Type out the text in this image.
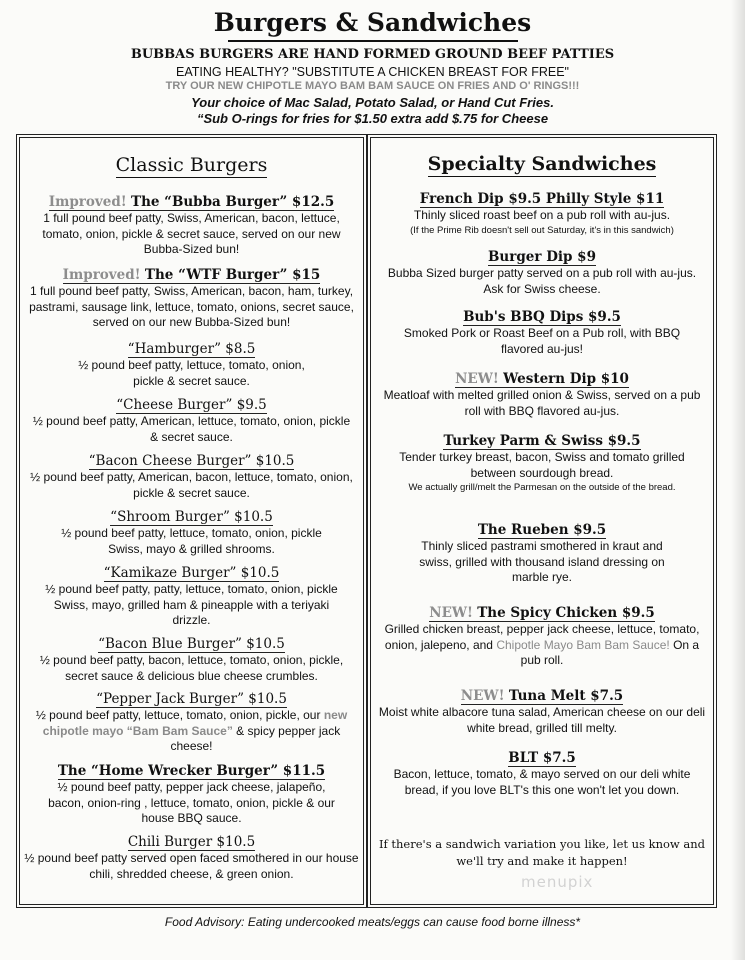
Burgers & Sandwiches
BUBBAS BURGERS ARE HAND FORMED GROUND BEEF PATTIES
EATING HEALTHY? "SUBSTITUTE A CHICKEN BREAST FOR FREE"
TRY OUR NEW CHIPOTLE MAYO BAM BAM SAUCE ON FRIES AND O' RINGS!!!
Your choice of Mac Salad, Potato Salad, or Hand Cut Fries.
“Sub O-rings for fries for $1.50 extra add $.75 for Cheese
Classic Burgers
Improved! The “Bubba Burger” $12.5
1 full pound beef patty, Swiss, American, bacon, lettuce, tomato, onion, pickle & secret sauce, served on our new Bubba-Sized bun!
Improved! The “WTF Burger” $15
1 full pound beef patty, Swiss, American, bacon, ham, turkey, pastrami, sausage link, lettuce, tomato, onions, secret sauce, served on our new Bubba-Sized bun!
“Hamburger” $8.5
½ pound beef patty, lettuce, tomato, onion, pickle & secret sauce.
“Cheese Burger” $9.5
½ pound beef patty, American, lettuce, tomato, onion, pickle & secret sauce.
“Bacon Cheese Burger” $10.5
½ pound beef patty, American, bacon, lettuce, tomato, onion, pickle & secret sauce.
“Shroom Burger” $10.5
½ pound beef patty, lettuce, tomato, onion, pickle Swiss, mayo & grilled shrooms.
“Kamikaze Burger” $10.5
½ pound beef patty, patty, lettuce, tomato, onion, pickle Swiss, mayo, grilled ham & pineapple with a teriyaki drizzle.
“Bacon Blue Burger” $10.5
½ pound beef patty, bacon, lettuce, tomato, onion, pickle, secret sauce & delicious blue cheese crumbles.
“Pepper Jack Burger” $10.5
½ pound beef patty, lettuce, tomato, onion, pickle, our new chipotle mayo “Bam Bam Sauce” & spicy pepper jack cheese!
The “Home Wrecker Burger” $11.5
½ pound beef patty, pepper jack cheese, jalapeño, bacon, onion-ring , lettuce, tomato, onion, pickle & our house BBQ sauce.
Chili Burger $10.5
½ pound beef patty served open faced smothered in our house chili, shredded cheese, & green onion.
Specialty Sandwiches
French Dip $9.5 Philly Style $11
Thinly sliced roast beef on a pub roll with au-jus.
(If the Prime Rib doesn't sell out Saturday, it's in this sandwich)
Burger Dip $9
Bubba Sized burger patty served on a pub roll with au-jus. Ask for Swiss cheese.
Bub's BBQ Dips $9.5
Smoked Pork or Roast Beef on a Pub roll, with BBQ flavored au-jus!
NEW! Western Dip $10
Meatloaf with melted grilled onion & Swiss, served on a pub roll with BBQ flavored au-jus.
Turkey Parm & Swiss $9.5
Tender turkey breast, bacon, Swiss and tomato grilled between sourdough bread.
We actually grill/melt the Parmesan on the outside of the bread.
The Rueben $9.5
Thinly sliced pastrami smothered in kraut and swiss, grilled with thousand island dressing on marble rye.
NEW! The Spicy Chicken $9.5
Grilled chicken breast, pepper jack cheese, lettuce, tomato, onion, jalepeno, and Chipotle Mayo Bam Bam Sauce! On a pub roll.
NEW! Tuna Melt $7.5
Moist white albacore tuna salad, American cheese on our deli white bread, grilled till melty.
BLT $7.5
Bacon, lettuce, tomato, & mayo served on our deli white bread, if you love BLT's this one won't let you down.
If there's a sandwich variation you like, let us know and we'll try and make it happen!
menupix
Food Advisory: Eating undercooked meats/eggs can cause food borne illness*
